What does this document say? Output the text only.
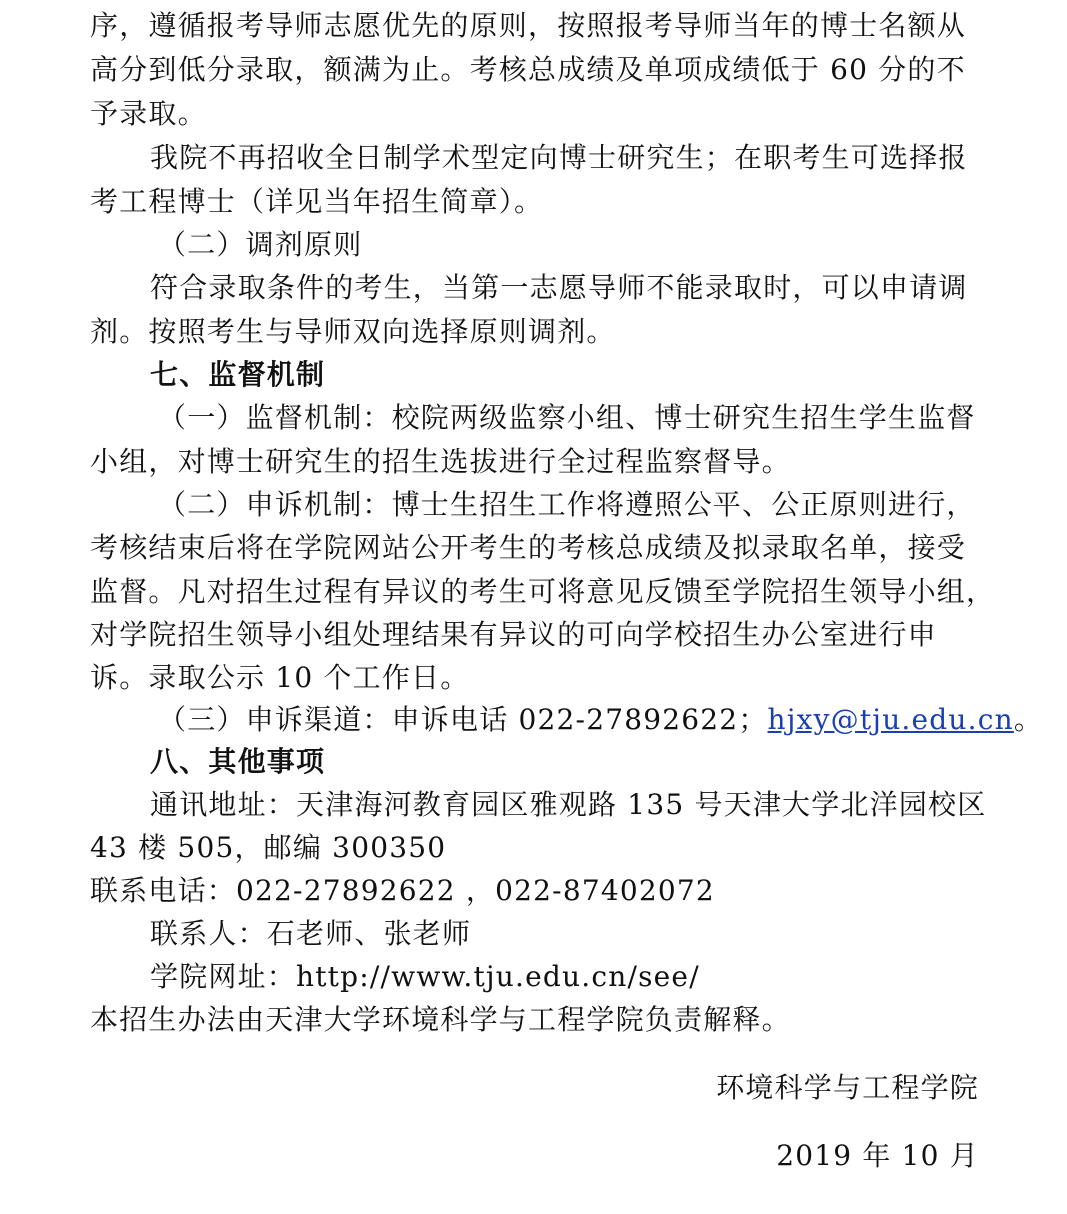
序，遵循报考导师志愿优先的原则，按照报考导师当年的博士名额从
高分到低分录取，额满为止。考核总成绩及单项成绩低于 60 分的不
予录取。
我院不再招收全日制学术型定向博士研究生；在职考生可选择报
考工程博士（详见当年招生简章）。
（二）调剂原则
符合录取条件的考生，当第一志愿导师不能录取时，可以申请调
剂。按照考生与导师双向选择原则调剂。
七、监督机制
（一）监督机制：校院两级监察小组、博士研究生招生学生监督
小组，对博士研究生的招生选拔进行全过程监察督导。
（二）申诉机制：博士生招生工作将遵照公平、公正原则进行，
考核结束后将在学院网站公开考生的考核总成绩及拟录取名单，接受
监督。凡对招生过程有异议的考生可将意见反馈至学院招生领导小组，
对学院招生领导小组处理结果有异议的可向学校招生办公室进行申
诉。录取公示 10 个工作日。
（三）申诉渠道：申诉电话 022-27892622；hjxy@tju.edu.cn。
八、其他事项
通讯地址：天津海河教育园区雅观路 135 号天津大学北洋园校区
43 楼 505，邮编 300350
联系电话：022-27892622 ，022-87402072
联系人：石老师、张老师
学院网址：http://www.tju.edu.cn/see/
本招生办法由天津大学环境科学与工程学院负责解释。
环境科学与工程学院
2019 年 10 月
